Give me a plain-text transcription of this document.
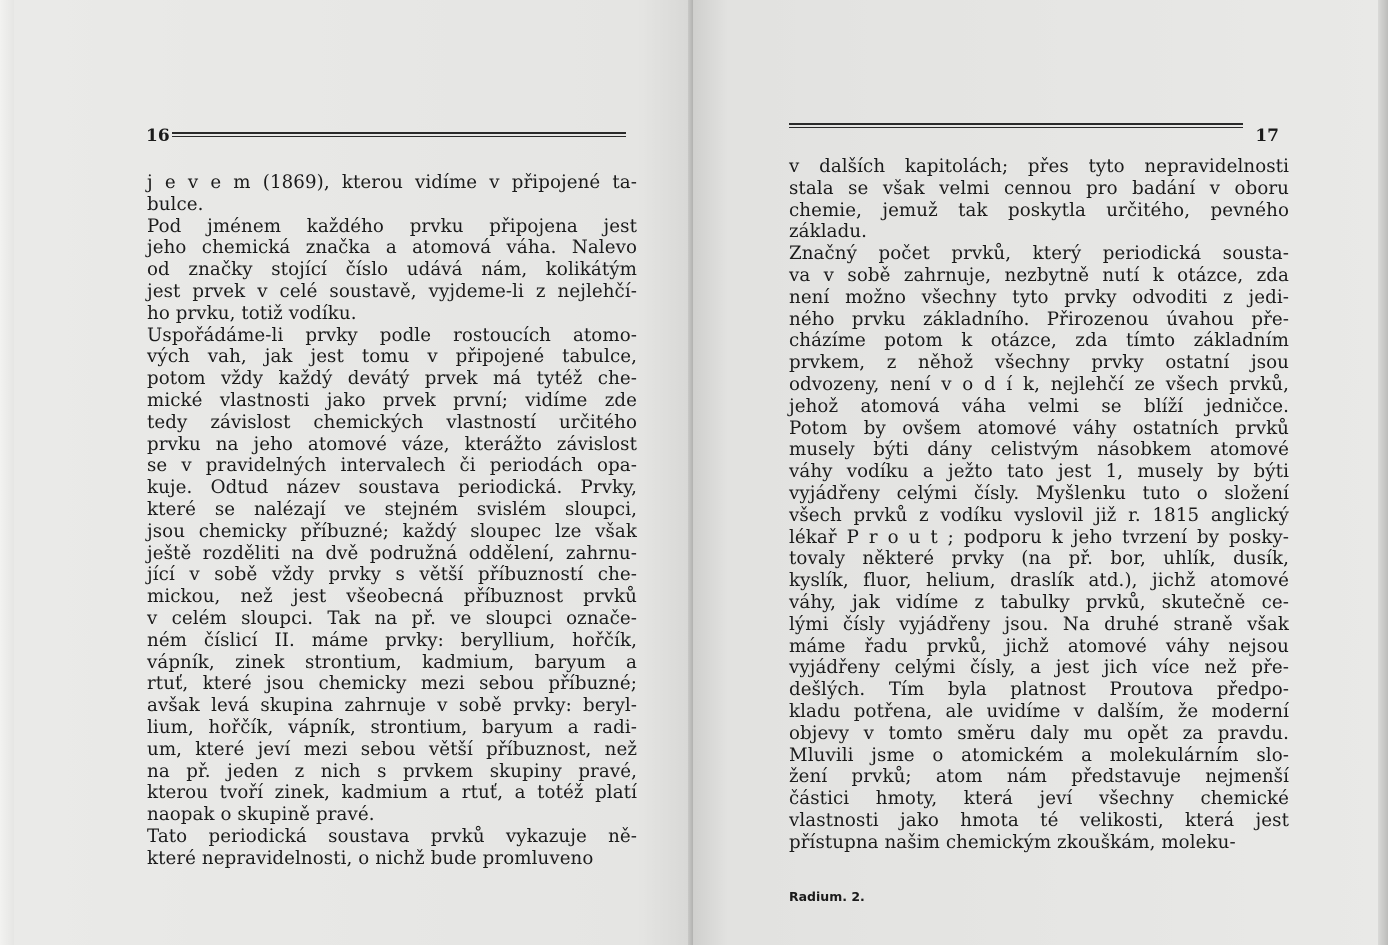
16
j e v e m (1869), kterou vidíme v připojené ta-
bulce.
Pod jménem každého prvku připojena jest
jeho chemická značka a atomová váha. Nalevo
od značky stojící číslo udává nám, kolikátým
jest prvek v celé soustavě, vyjdeme-li z nejlehčí-
ho prvku, totiž vodíku.
Uspořádáme-li prvky podle rostoucích atomo-
vých vah, jak jest tomu v připojené tabulce,
potom vždy každý devátý prvek má tytéž che-
mické vlastnosti jako prvek první; vidíme zde
tedy závislost chemických vlastností určitého
prvku na jeho atomové váze, kterážto závislost
se v pravidelných intervalech či periodách opa-
kuje. Odtud název soustava periodická. Prvky,
které se nalézají ve stejném svislém sloupci,
jsou chemicky příbuzné; každý sloupec lze však
ještě rozděliti na dvě podružná oddělení, zahrnu-
jící v sobě vždy prvky s větší příbuzností che-
mickou, než jest všeobecná příbuznost prvků
v celém sloupci. Tak na př. ve sloupci označe-
ném číslicí II. máme prvky: beryllium, hořčík,
vápník, zinek strontium, kadmium, baryum a
rtuť, které jsou chemicky mezi sebou příbuzné;
avšak levá skupina zahrnuje v sobě prvky: beryl-
lium, hořčík, vápník, strontium, baryum a radi-
um, které jeví mezi sebou větší příbuznost, než
na př. jeden z nich s prvkem skupiny pravé,
kterou tvoří zinek, kadmium a rtuť, a totéž platí
naopak o skupině pravé.
Tato periodická soustava prvků vykazuje ně-
které nepravidelnosti, o nichž bude promluveno
17
v dalších kapitolách; přes tyto nepravidelnosti
stala se však velmi cennou pro badání v oboru
chemie, jemuž tak poskytla určitého, pevného
základu.
Značný počet prvků, který periodická sousta-
va v sobě zahrnuje, nezbytně nutí k otázce, zda
není možno všechny tyto prvky odvoditi z jedi-
ného prvku základního. Přirozenou úvahou pře-
cházíme potom k otázce, zda tímto základním
prvkem, z něhož všechny prvky ostatní jsou
odvozeny, není v o d í k, nejlehčí ze všech prvků,
jehož atomová váha velmi se blíží jedničce.
Potom by ovšem atomové váhy ostatních prvků
musely býti dány celistvým násobkem atomové
váhy vodíku a ježto tato jest 1, musely by býti
vyjádřeny celými čísly. Myšlenku tuto o složení
všech prvků z vodíku vyslovil již r. 1815 anglický
lékař P r o u t ; podporu k jeho tvrzení by posky-
tovaly některé prvky (na př. bor, uhlík, dusík,
kyslík, fluor, helium, draslík atd.), jichž atomové
váhy, jak vidíme z tabulky prvků, skutečně ce-
lými čísly vyjádřeny jsou. Na druhé straně však
máme řadu prvků, jichž atomové váhy nejsou
vyjádřeny celými čísly, a jest jich více než pře-
dešlých. Tím byla platnost Proutova předpo-
kladu potřena, ale uvidíme v dalším, že moderní
objevy v tomto směru daly mu opět za pravdu.
Mluvili jsme o atomickém a molekulárním slo-
žení prvků; atom nám představuje nejmenší
částici hmoty, která jeví všechny chemické
vlastnosti jako hmota té velikosti, která jest
přístupna našim chemickým zkouškám, moleku-
Radium. 2.
